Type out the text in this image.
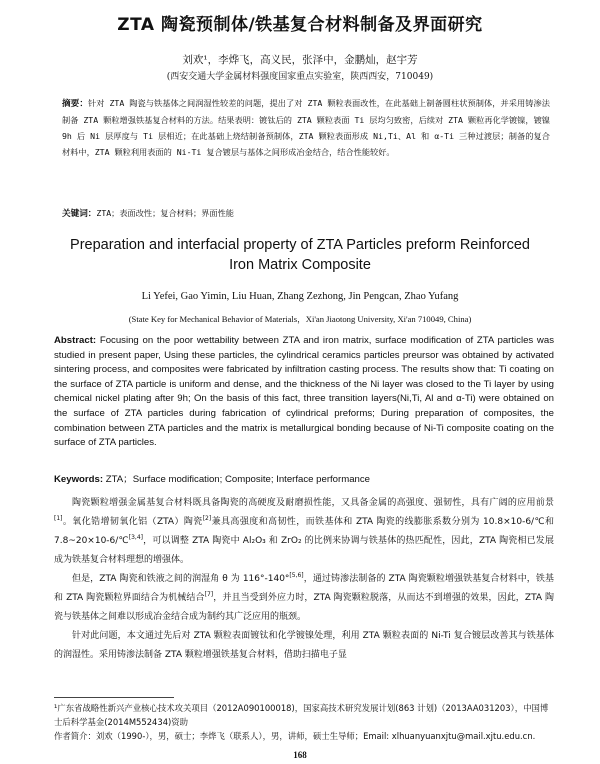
ZTA 陶瓷预制体/铁基复合材料制备及界面研究
刘欢¹，李烨飞，高义民，张泽中，金鹏灿，赵宇芳
(西安交通大学金属材料强度国家重点实验室，陕西西安，710049)
摘要：针对 ZTA 陶瓷与铁基体之间润湿性较差的问题，提出了对 ZTA 颗粒表面改性，在此基础上制备圆柱状预制体，并采用铸渗法制备 ZTA 颗粒增强铁基复合材料的方法。结果表明：镀钛后的 ZTA 颗粒表面 Ti 层均匀致密，后续对 ZTA 颗粒再化学镀镍，镀镍 9h 后 Ni 层厚度与 Ti 层相近；在此基础上烧结制备预制体，ZTA 颗粒表面形成 Ni,Ti、Al 和 α-Ti 三种过渡层；制备的复合材料中，ZTA 颗粒利用表面的 Ni-Ti 复合镀层与基体之间形成冶金结合，结合性能较好。
关键词：ZTA；表面改性；复合材料；界面性能
Preparation and interfacial property of ZTA Particles preform Reinforced
Iron Matrix Composite
Li Yefei, Gao Yimin, Liu Huan, Zhang Zezhong, Jin Pengcan, Zhao Yufang
(State Key for Mechanical Behavior of Materials，Xi'an Jiaotong University, Xi'an 710049, China)
Abstract: Focusing on the poor wettability between ZTA and iron matrix, surface modification of ZTA particles was studied in present paper, Using these particles, the cylindrical ceramics particles preursor was obtained by activated sintering process, and composites were fabricated by infiltration casting process. The results show that: Ti coating on the surface of ZTA particle is uniform and dense, and the thickness of the Ni layer was closed to the Ti layer by using chemical nickel plating after 9h; On the basis of this fact, three transition layers(Ni,Ti, Al and α-Ti) were obtained on the surface of ZTA particles during fabrication of cylindrical preforms; During preparation of composites, the combination between ZTA particles and the matrix is metallurgical bonding because of Ni-Ti composite coating on the surface of ZTA particles.
Keywords: ZTA；Surface modification; Composite; Interface performance

陶瓷颗粒增强金属基复合材料既具备陶瓷的高硬度及耐磨损性能，又具备金属的高强度、强韧性，具有广阔的应用前景[1]。氧化锆增韧氧化铝（ZTA）陶瓷[2]兼具高强度和高韧性，而铁基体和 ZTA 陶瓷的线膨胀系数分别为 10.8×10-6/℃和 7.8~20×10-6/℃[3,4]，可以调整 ZTA 陶瓷中 Al₂O₃ 和 ZrO₂ 的比例来协调与铁基体的热匹配性，因此，ZTA 陶瓷相已发展成为铁基复合材料理想的增强体。

但是，ZTA 陶瓷和铁液之间的润湿角 θ 为 116°-140°[5,6]，通过铸渗法制备的 ZTA 陶瓷颗粒增强铁基复合材料中，铁基和 ZTA 陶瓷颗粒界面结合为机械结合[7]，并且当受到外应力时，ZTA 陶瓷颗粒脱落，从而达不到增强的效果，因此，ZTA 陶瓷与铁基体之间难以形成冶金结合成为制约其广泛应用的瓶颈。

针对此问题，本文通过先后对 ZTA 颗粒表面镀钛和化学镀镍处理，利用 ZTA 颗粒表面的 Ni-Ti 复合镀层改善其与铁基体的润湿性。采用铸渗法制备 ZTA 颗粒增强铁基复合材料，借助扫描电子显

¹广东省战略性新兴产业核心技术攻关项目（2012A090100018)，国家高技术研究发展计划(863 计划)（2013AA031203），中国博士后科学基金(2014M552434)资助

作者简介：刘欢（1990-），男，硕士；李烨飞（联系人），男，讲师，硕士生导师；Email: xlhuanyuanxjtu@mail.xjtu.edu.cn.

168
